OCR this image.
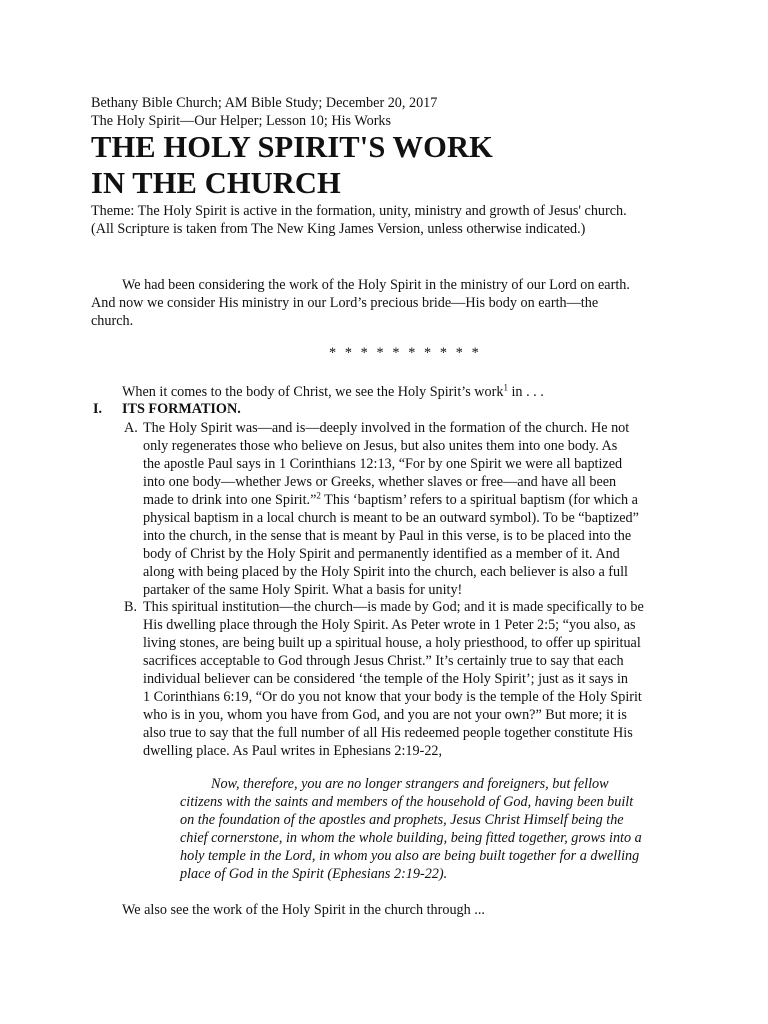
Bethany Bible Church; AM Bible Study; December 20, 2017
The Holy Spirit—Our Helper; Lesson 10; His Works
THE HOLY SPIRIT'S WORK
IN THE CHURCH
Theme: The Holy Spirit is active in the formation, unity, ministry and growth of Jesus' church.
(All Scripture is taken from The New King James Version, unless otherwise indicated.)
We had been considering the work of the Holy Spirit in the ministry of our Lord on earth.
And now we consider His ministry in our Lord’s precious bride—His body on earth—the
church.
* * * * * * * * * *
When it comes to the body of Christ, we see the Holy Spirit’s work$^1$ in . . .
I. ITS FORMATION.
A. The Holy Spirit was—and is—deeply involved in the formation of the church. He not
only regenerates those who believe on Jesus, but also unites them into one body. As
the apostle Paul says in 1 Corinthians 12:13, “For by one Spirit we were all baptized
into one body—whether Jews or Greeks, whether slaves or free—and have all been
made to drink into one Spirit.”$^2$ This ‘baptism’ refers to a spiritual baptism (for which a
physical baptism in a local church is meant to be an outward symbol). To be “baptized”
into the church, in the sense that is meant by Paul in this verse, is to be placed into the
body of Christ by the Holy Spirit and permanently identified as a member of it. And
along with being placed by the Holy Spirit into the church, each believer is also a full
partaker of the same Holy Spirit. What a basis for unity!
B. This spiritual institution—the church—is made by God; and it is made specifically to be
His dwelling place through the Holy Spirit. As Peter wrote in 1 Peter 2:5; “you also, as
living stones, are being built up a spiritual house, a holy priesthood, to offer up spiritual
sacrifices acceptable to God through Jesus Christ.” It’s certainly true to say that each
individual believer can be considered ‘the temple of the Holy Spirit’; just as it says in
1 Corinthians 6:19, “Or do you not know that your body is the temple of the Holy Spirit
who is in you, whom you have from God, and you are not your own?” But more; it is
also true to say that the full number of all His redeemed people together constitute His
dwelling place. As Paul writes in Ephesians 2:19-22,
Now, therefore, you are no longer strangers and foreigners, but fellow
citizens with the saints and members of the household of God, having been built
on the foundation of the apostles and prophets, Jesus Christ Himself being the
chief cornerstone, in whom the whole building, being fitted together, grows into a
holy temple in the Lord, in whom you also are being built together for a dwelling
place of God in the Spirit (Ephesians 2:19-22).
We also see the work of the Holy Spirit in the church through ...
